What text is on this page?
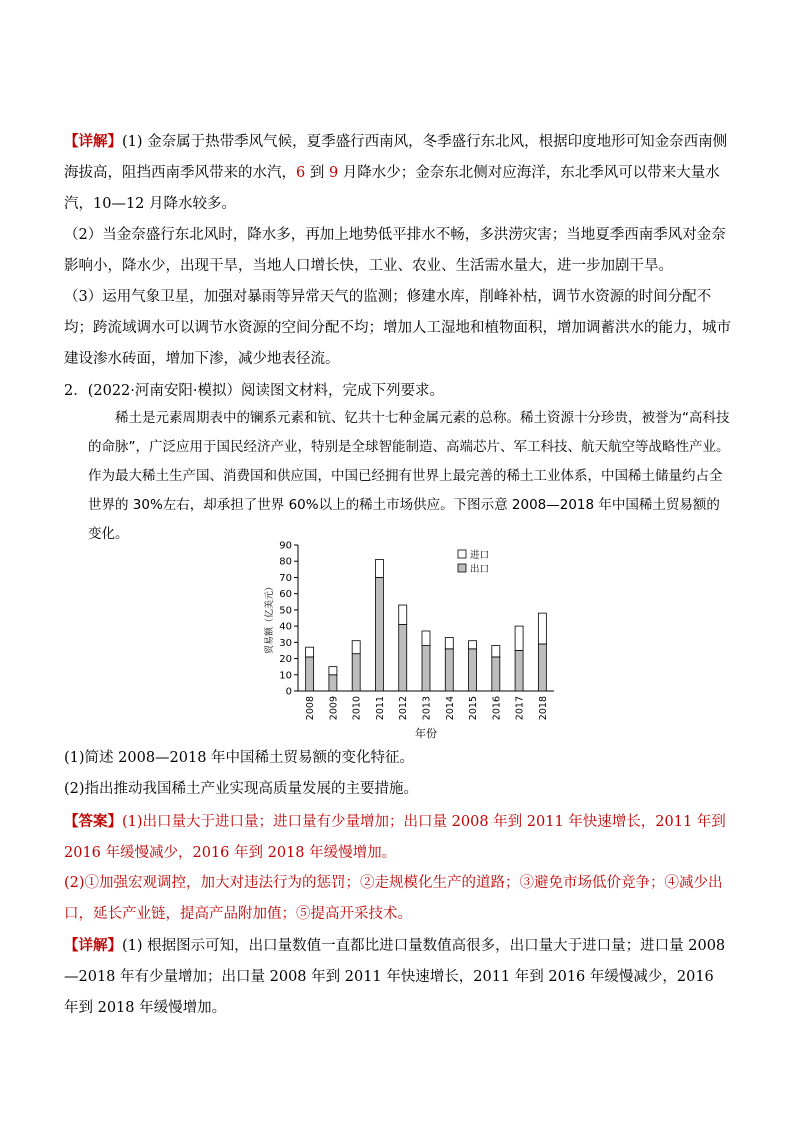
【详解】(1) 金奈属于热带季风气候，夏季盛行西南风，冬季盛行东北风，根据印度地形可知金奈西南侧海拔高，阻挡西南季风带来的水汽，6 到 9 月降水少；金奈东北侧对应海洋，东北季风可以带来大量水汽，10—12 月降水较多。
（2）当金奈盛行东北风时，降水多，再加上地势低平排水不畅，多洪涝灾害；当地夏季西南季风对金奈影响小，降水少，出现干旱，当地人口增长快，工业、农业、生活需水量大，进一步加剧干旱。
（3）运用气象卫星，加强对暴雨等异常天气的监测；修建水库，削峰补枯，调节水资源的时间分配不均；跨流域调水可以调节水资源的空间分配不均；增加人工湿地和植物面积，增加调蓄洪水的能力，城市建设渗水砖面，增加下渗，减少地表径流。
2．(2022·河南安阳·模拟）阅读图文材料，完成下列要求。
稀土是元素周期表中的镧系元素和钪、钇共十七种金属元素的总称。稀土资源十分珍贵，被誉为“高科技的命脉”，广泛应用于国民经济产业，特别是全球智能制造、高端芯片、军工科技、航天航空等战略性产业。作为最大稀土生产国、消费国和供应国，中国已经拥有世界上最完善的稀土工业体系，中国稀土储量约占全世界的 30%左右，却承担了世界 60%以上的稀土市场供应。下图示意 2008—2018 年中国稀土贸易额的变化。
0
10
20
30
40
50
60
70
80
90
贸易额（亿美元）
2008 2009 2010 2011 2012 2013 2014 2015 2016 2017 2018
年份
进口
出口
(1)简述 2008—2018 年中国稀土贸易额的变化特征。
(2)指出推动我国稀土产业实现高质量发展的主要措施。
【答案】(1)出口量大于进口量；进口量有少量增加；出口量 2008 年到 2011 年快速增长，2011 年到 2016 年缓慢减少，2016 年到 2018 年缓慢增加。
(2)①加强宏观调控，加大对违法行为的惩罚；②走规模化生产的道路；③避免市场低价竞争；④减少出口，延长产业链，提高产品附加值；⑤提高开采技术。
【详解】(1) 根据图示可知，出口量数值一直都比进口量数值高很多，出口量大于进口量；进口量 2008—2018 年有少量增加；出口量 2008 年到 2011 年快速增长，2011 年到 2016 年缓慢减少，2016 年到 2018 年缓慢增加。
